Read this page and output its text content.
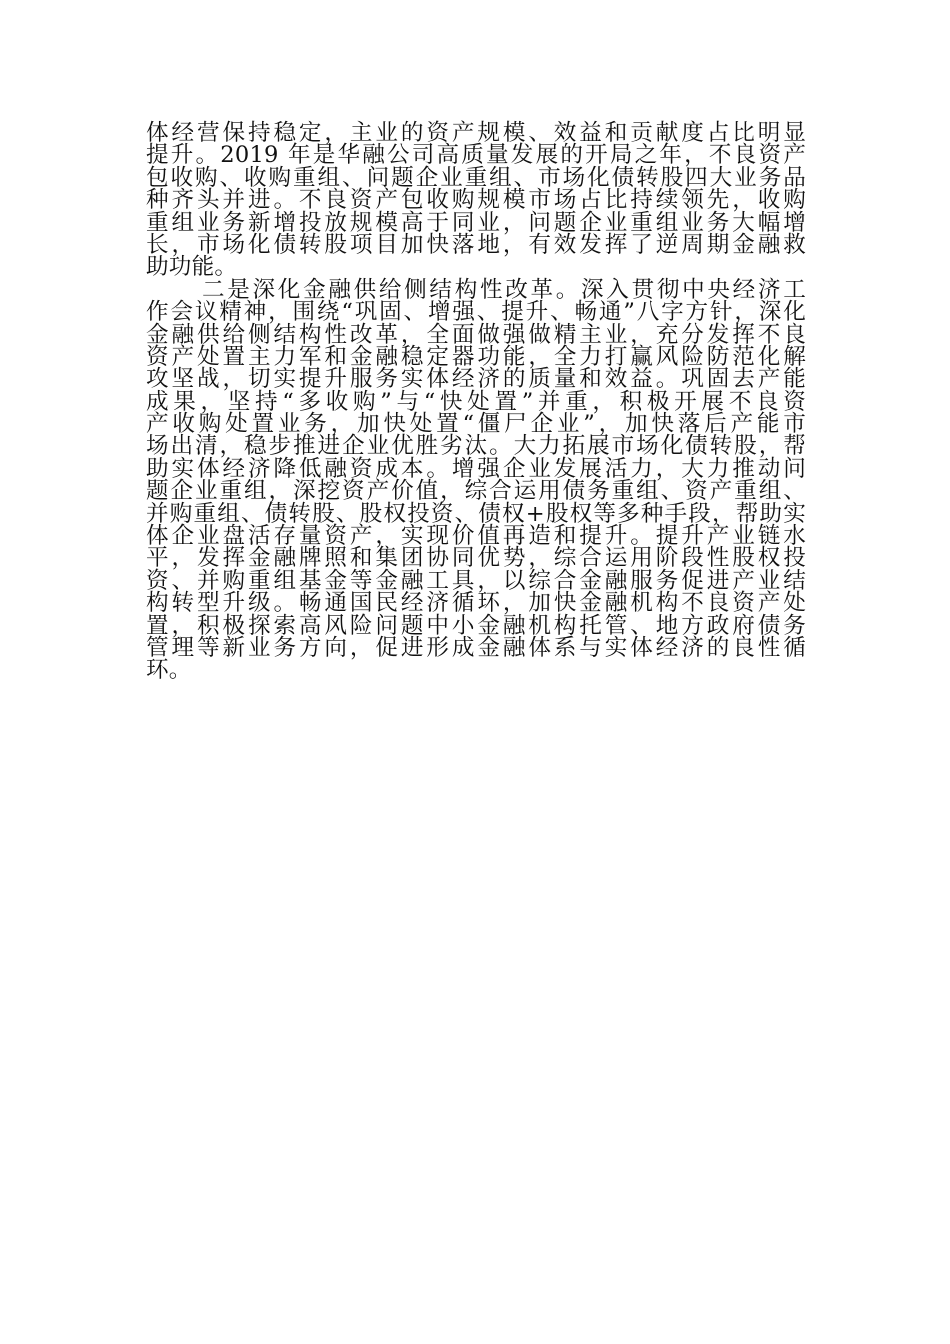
体经营保持稳定，主业的资产规模、效益和贡献度占比明显
提升。2019 年是华融公司高质量发展的开局之年，不良资产
包收购、收购重组、问题企业重组、市场化债转股四大业务品
种齐头并进。不良资产包收购规模市场占比持续领先，收购
重组业务新增投放规模高于同业，问题企业重组业务大幅增
长，市场化债转股项目加快落地，有效发挥了逆周期金融救
助功能。
二是深化金融供给侧结构性改革。深入贯彻中央经济工
作会议精神，围绕“巩固、增强、提升、畅通”八字方针，深化
金融供给侧结构性改革，全面做强做精主业，充分发挥不良
资产处置主力军和金融稳定器功能，全力打赢风险防范化解
攻坚战，切实提升服务实体经济的质量和效益。巩固去产能
成果，坚持“多收购”与“快处置”并重，积极开展不良资
产收购处置业务，加快处置“僵尸企业”，加快落后产能市
场出清，稳步推进企业优胜劣汰。大力拓展市场化债转股，帮
助实体经济降低融资成本。增强企业发展活力，大力推动问
题企业重组，深挖资产价值，综合运用债务重组、资产重组、
并购重组、债转股、股权投资、债权+股权等多种手段，帮助实
体企业盘活存量资产，实现价值再造和提升。提升产业链水
平，发挥金融牌照和集团协同优势，综合运用阶段性股权投
资、并购重组基金等金融工具，以综合金融服务促进产业结
构转型升级。畅通国民经济循环，加快金融机构不良资产处
置，积极探索高风险问题中小金融机构托管、地方政府债务
管理等新业务方向，促进形成金融体系与实体经济的良性循
环。
